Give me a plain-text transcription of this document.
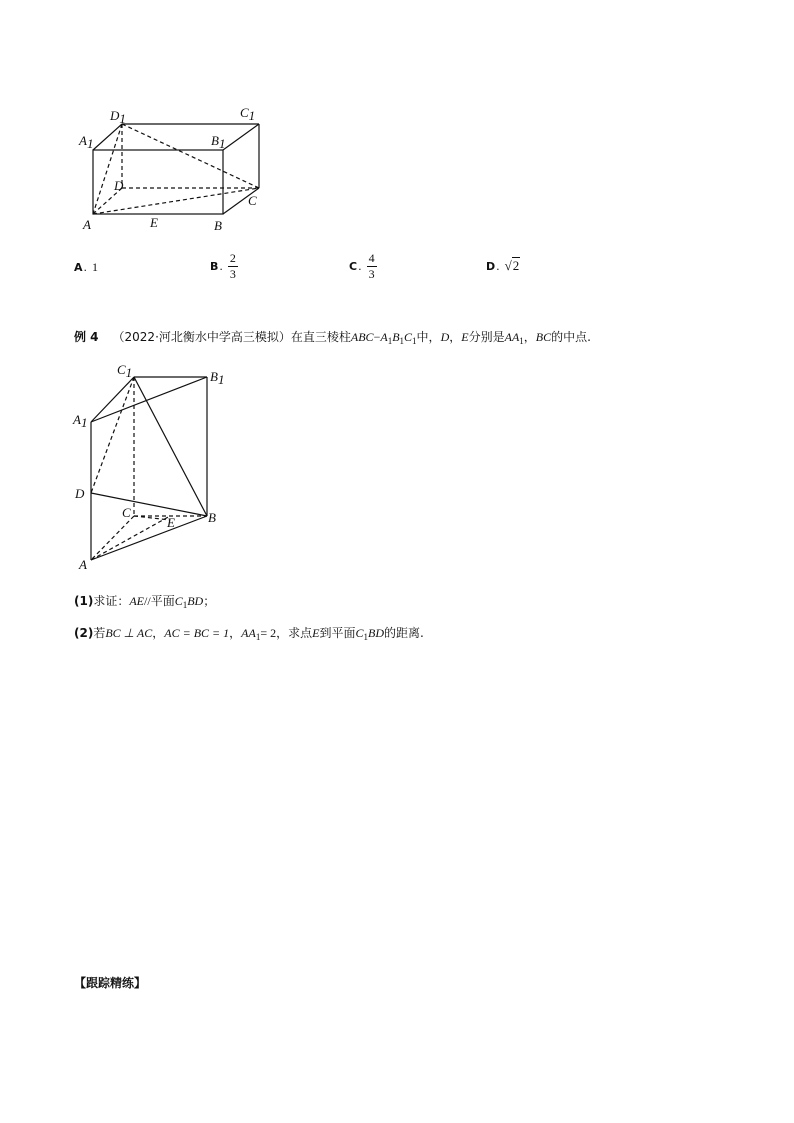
D1	C1
A1	B1
D
C
A	E	B
A . 1	B . $\frac{2}{3}$	C . $\frac{4}{3}$	D . √2
例 4 （2022·河北衡水中学高三模拟）在直三棱柱 ABC − $A_1B_1C_1$ 中， D ， E 分别是 $AA_1$ ， BC 的中点.
C1	B1
A1
D
C
E	B
A
(1) 求证： AE // 平面 $C_1BD$ ；
(2) 若 BC ⊥ AC ， AC = BC = 1 ， $AA_1 = 2$ ，求点 E 到平面 $C_1BD$ 的距离.
【跟踪精练】
